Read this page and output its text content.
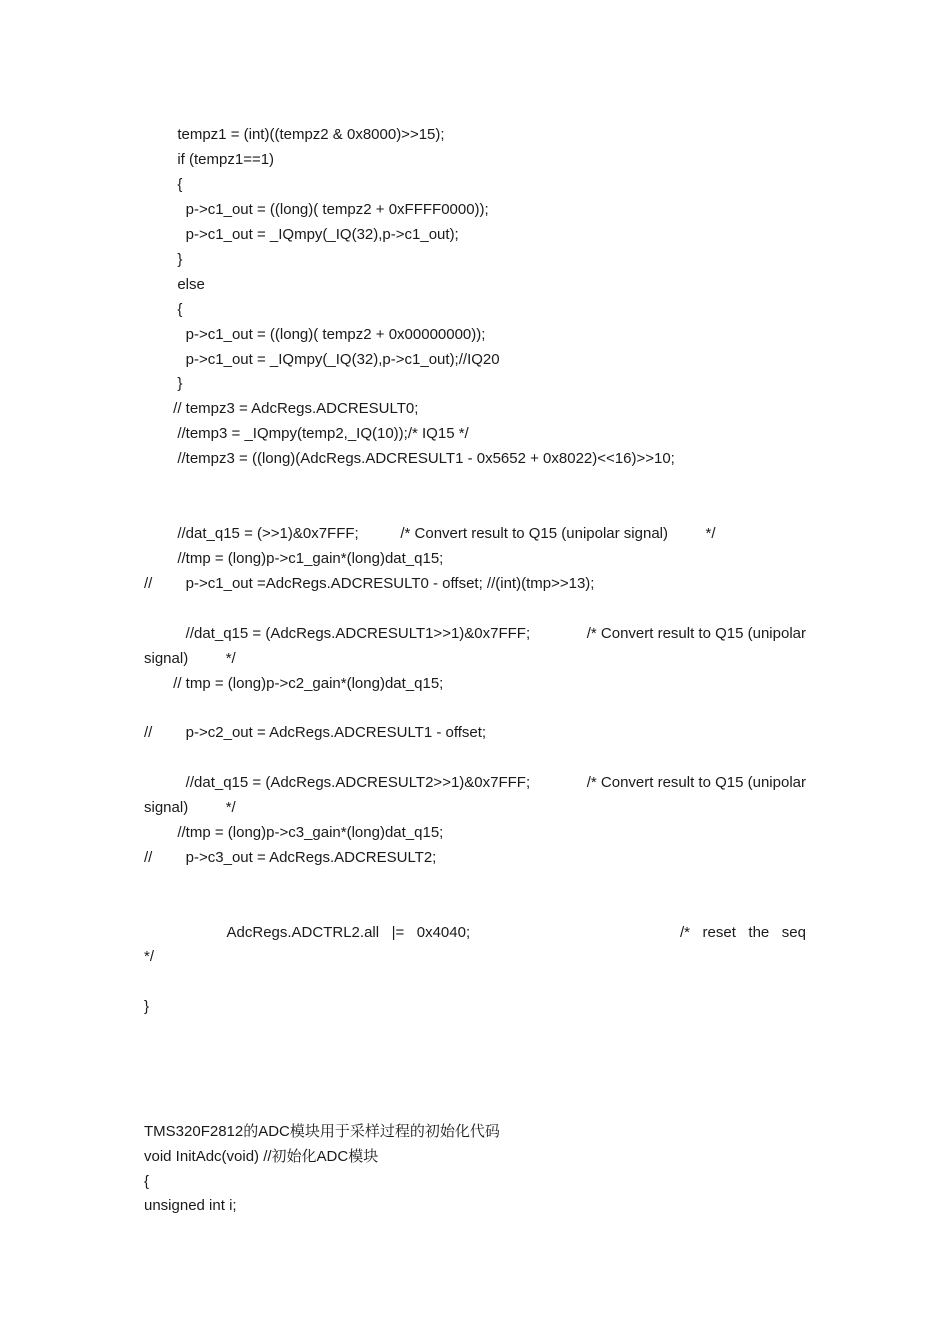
tempz1 = (int)((tempz2 & 0x8000)>>15);
if (tempz1==1)
{
p->c1_out = ((long)( tempz2 + 0xFFFF0000));
p->c1_out = _IQmpy(_IQ(32),p->c1_out);
}
else
{
p->c1_out = ((long)( tempz2 + 0x00000000));
p->c1_out = _IQmpy(_IQ(32),p->c1_out);//IQ20
}
// tempz3 = AdcRegs.ADCRESULT0;
//temp3 = _IQmpy(temp2,_IQ(10));/* IQ15 */
//tempz3 = ((long)(AdcRegs.ADCRESULT1 - 0x5652 + 0x8022)<<16)>>10;
//dat_q15 = (>>1)&0x7FFF;          /* Convert result to Q15 (unipolar signal)         */
//tmp = (long)p->c1_gain*(long)dat_q15;
//        p->c1_out =AdcRegs.ADCRESULT0 - offset; //(int)(tmp>>13);
//dat_q15 = (AdcRegs.ADCRESULT1>>1)&0x7FFF;	/* Convert result to Q15 (unipolar
signal)         */
// tmp = (long)p->c2_gain*(long)dat_q15;
//        p->c2_out = AdcRegs.ADCRESULT1 - offset;
//dat_q15 = (AdcRegs.ADCRESULT2>>1)&0x7FFF;	/* Convert result to Q15 (unipolar
signal)         */
//tmp = (long)p->c3_gain*(long)dat_q15;
//        p->c3_out = AdcRegs.ADCRESULT2;
AdcRegs.ADCTRL2.all   |=   0x4040;	/* reset the seq
*/
}
TMS320F2812的ADC模块用于采样过程的初始化代码
void InitAdc(void) //初始化ADC模块
{
unsigned int i;
